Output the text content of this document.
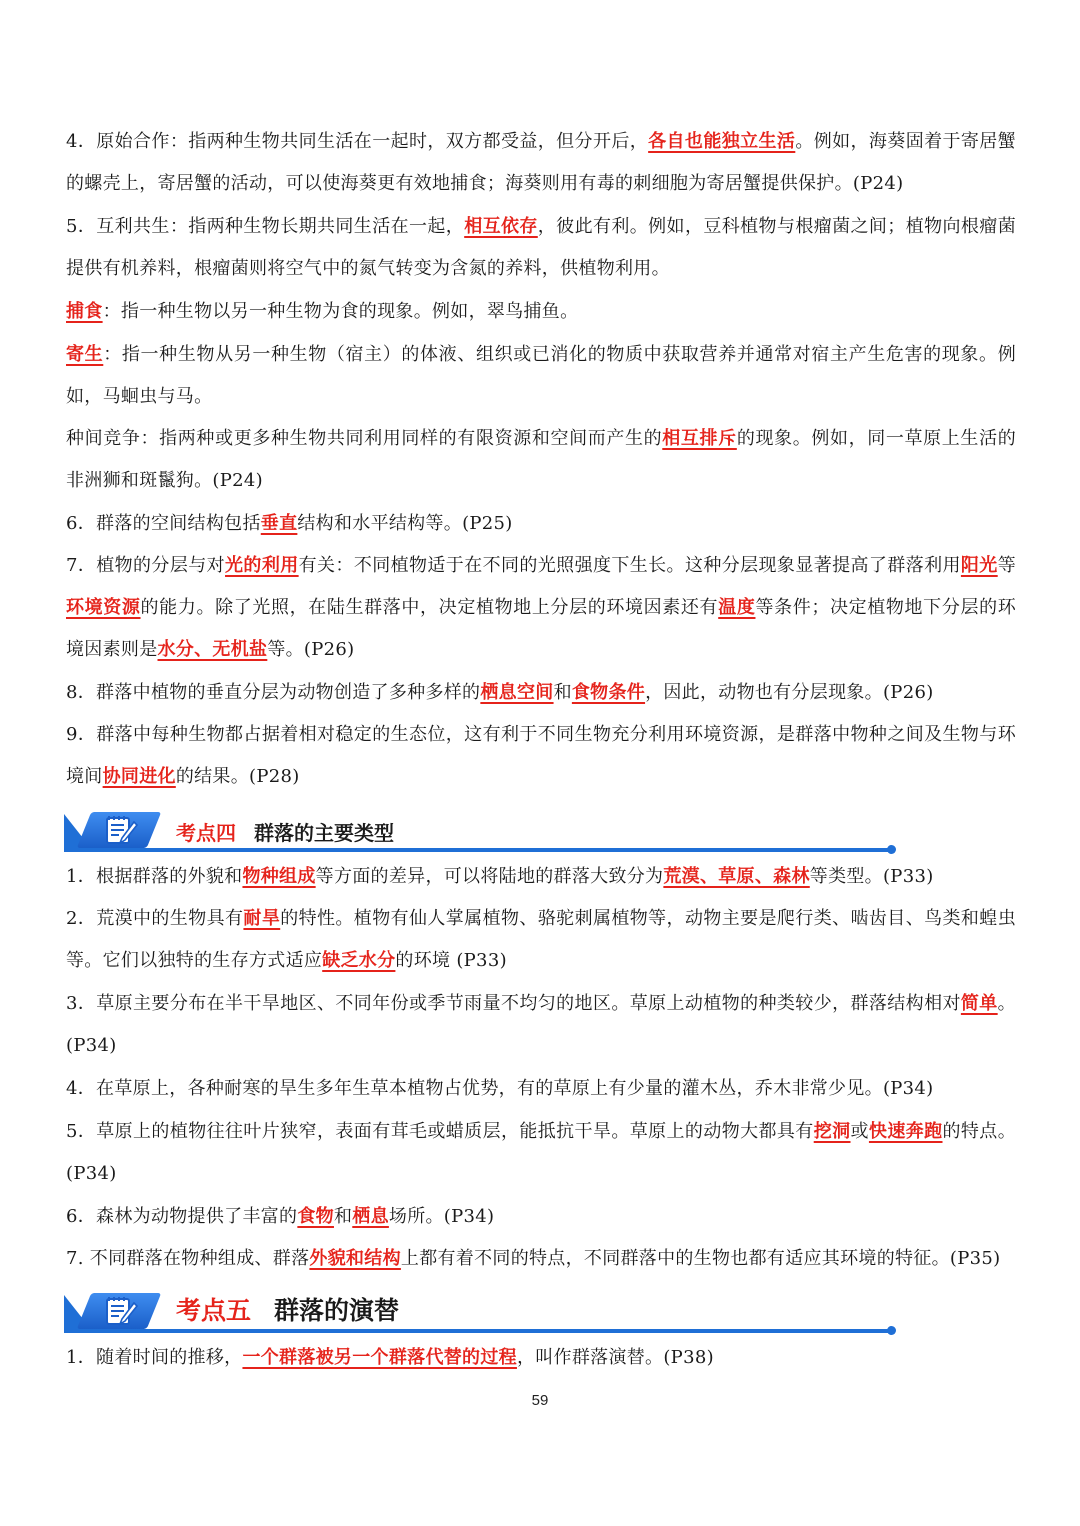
4．原始合作：指两种生物共同生活在一起时，双方都受益，但分开后，各自也能独立生活。例如，海葵固着于寄居蟹的螺壳上，寄居蟹的活动，可以使海葵更有效地捕食；海葵则用有毒的刺细胞为寄居蟹提供保护。(P24)
5．互利共生：指两种生物长期共同生活在一起，相互依存，彼此有利。例如，豆科植物与根瘤菌之间；植物向根瘤菌提供有机养料，根瘤菌则将空气中的氮气转变为含氮的养料，供植物利用。
捕食：指一种生物以另一种生物为食的现象。例如，翠鸟捕鱼。
寄生：指一种生物从另一种生物（宿主）的体液、组织或已消化的物质中获取营养并通常对宿主产生危害的现象。例如，马蛔虫与马。
种间竞争：指两种或更多种生物共同利用同样的有限资源和空间而产生的相互排斥的现象。例如，同一草原上生活的非洲狮和斑鬣狗。(P24)
6．群落的空间结构包括垂直结构和水平结构等。(P25)
7．植物的分层与对光的利用有关：不同植物适于在不同的光照强度下生长。这种分层现象显著提高了群落利用阳光等环境资源的能力。除了光照，在陆生群落中，决定植物地上分层的环境因素还有温度等条件；决定植物地下分层的环境因素则是水分、无机盐等。(P26)
8．群落中植物的垂直分层为动物创造了多种多样的栖息空间和食物条件，因此，动物也有分层现象。(P26)
9．群落中每种生物都占据着相对稳定的生态位，这有利于不同生物充分利用环境资源，是群落中物种之间及生物与环境间协同进化的结果。(P28)
1．根据群落的外貌和物种组成等方面的差异，可以将陆地的群落大致分为荒漠、草原、森林等类型。(P33)
2．荒漠中的生物具有耐旱的特性。植物有仙人掌属植物、骆驼刺属植物等，动物主要是爬行类、啮齿目、鸟类和蝗虫等。它们以独特的生存方式适应缺乏水分的环境 (P33)
3．草原主要分布在半干旱地区、不同年份或季节雨量不均匀的地区。草原上动植物的种类较少，群落结构相对简单。(P34)
4．在草原上，各种耐寒的旱生多年生草本植物占优势，有的草原上有少量的灌木丛，乔木非常少见。(P34)
5．草原上的植物往往叶片狭窄，表面有茸毛或蜡质层，能抵抗干旱。草原上的动物大都具有挖洞或快速奔跑的特点。(P34)
6．森林为动物提供了丰富的食物和栖息场所。(P34)
7. 不同群落在物种组成、群落外貌和结构上都有着不同的特点，不同群落中的生物也都有适应其环境的特征。(P35)
1．随着时间的推移，一个群落被另一个群落代替的过程，叫作群落演替。(P38)
考点四 群落的主要类型
考点五 群落的演替
59
